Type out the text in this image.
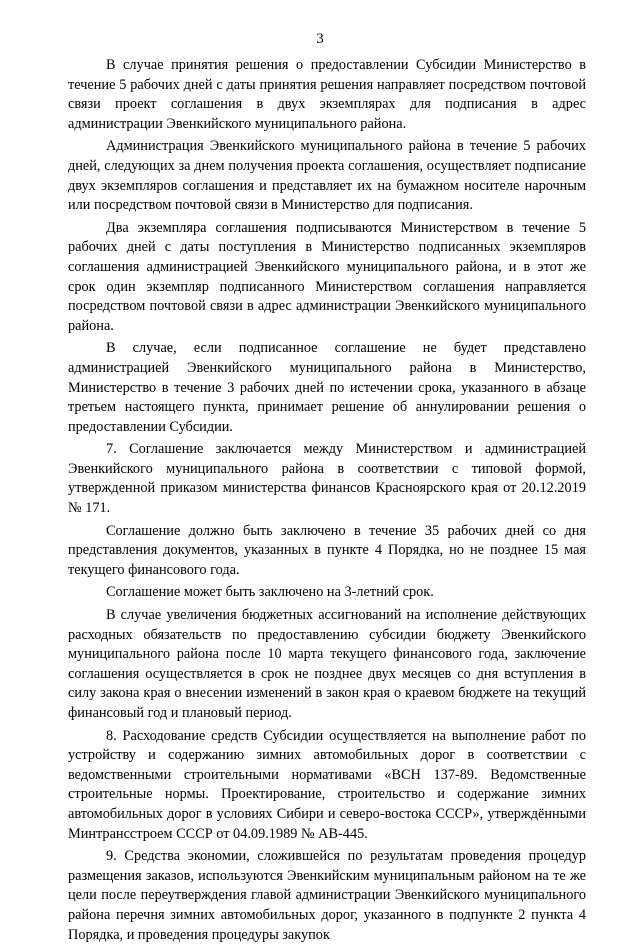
3

В случае принятия решения о предоставлении Субсидии Министерство в течение 5 рабочих дней с даты принятия решения направляет посредством почтовой связи проект соглашения в двух экземплярах для подписания в адрес администрации Эвенкийского муниципального района.

Администрация Эвенкийского муниципального района в течение 5 рабочих дней, следующих за днем получения проекта соглашения, осуществляет подписание двух экземпляров соглашения и представляет их на бумажном носителе нарочным или посредством почтовой связи в Министерство для подписания.

Два экземпляра соглашения подписываются Министерством в течение 5 рабочих дней с даты поступления в Министерство подписанных экземпляров соглашения администрацией Эвенкийского муниципального района, и в этот же срок один экземпляр подписанного Министерством соглашения направляется посредством почтовой связи в адрес администрации Эвенкийского муниципального района.

В случае, если подписанное соглашение не будет представлено администрацией Эвенкийского муниципального района в Министерство, Министерство в течение 3 рабочих дней по истечении срока, указанного в абзаце третьем настоящего пункта, принимает решение об аннулировании решения о предоставлении Субсидии.

7. Соглашение заключается между Министерством и администрацией Эвенкийского муниципального района в соответствии с типовой формой, утвержденной приказом министерства финансов Красноярского края от 20.12.2019 № 171.

Соглашение должно быть заключено в течение 35 рабочих дней со дня представления документов, указанных в пункте 4 Порядка, но не позднее 15 мая текущего финансового года.

Соглашение может быть заключено на 3-летний срок.

В случае увеличения бюджетных ассигнований на исполнение действующих расходных обязательств по предоставлению субсидии бюджету Эвенкийского муниципального района после 10 марта текущего финансового года, заключение соглашения осуществляется в срок не позднее двух месяцев со дня вступления в силу закона края о внесении изменений в закон края о краевом бюджете на текущий финансовый год и плановый период.

8. Расходование средств Субсидии осуществляется на выполнение работ по устройству и содержанию зимних автомобильных дорог в соответствии с ведомственными строительными нормативами «ВСН 137-89. Ведомственные строительные нормы. Проектирование, строительство и содержание зимних автомобильных дорог в условиях Сибири и северо-востока СССР», утверждёнными Минтрансстроем СССР от 04.09.1989 № АВ-445.

9. Средства экономии, сложившейся по результатам проведения процедур размещения заказов, используются Эвенкийским муниципальным районом на те же цели после переутверждения главой администрации Эвенкийского муниципального района перечня зимних автомобильных дорог, указанного в подпункте 2 пункта 4 Порядка, и проведения процедуры закупок
